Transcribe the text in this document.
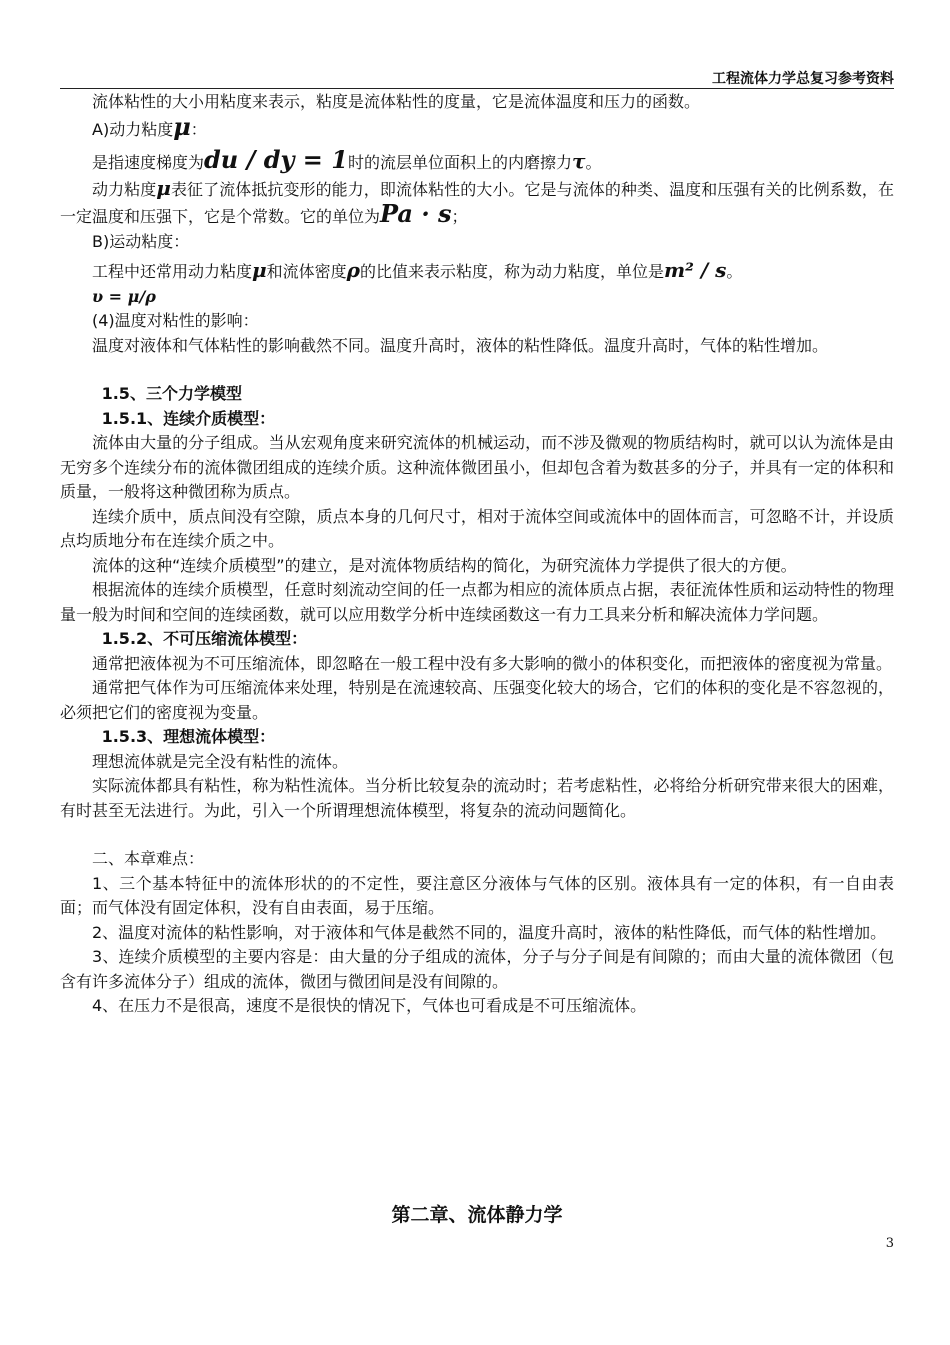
工程流体力学总复习参考资料

流体粘性的大小用粘度来表示，粘度是流体粘性的度量，它是流体温度和压力的函数。

A)动力粘度μ：

是指速度梯度为du / dy = 1时的流层单位面积上的内磨擦力τ。

动力粘度μ表征了流体抵抗变形的能力，即流体粘性的大小。它是与流体的种类、温度和压强有关的比例系数，在一定温度和压强下，它是个常数。它的单位为Pa · s；

B)运动粘度：

工程中还常用动力粘度μ和流体密度ρ的比值来表示粘度，称为动力粘度，单位是m² / s。

υ = μ/ρ

(4)温度对粘性的影响：

温度对液体和气体粘性的影响截然不同。温度升高时，液体的粘性降低。温度升高时，气体的粘性增加。

1.5、三个力学模型

1.5.1、连续介质模型：

流体由大量的分子组成。当从宏观角度来研究流体的机械运动，而不涉及微观的物质结构时，就可以认为流体是由无穷多个连续分布的流体微团组成的连续介质。这种流体微团虽小，但却包含着为数甚多的分子，并具有一定的体积和质量，一般将这种微团称为质点。

连续介质中，质点间没有空隙，质点本身的几何尺寸，相对于流体空间或流体中的固体而言，可忽略不计，并设质点均质地分布在连续介质之中。

流体的这种“连续介质模型”的建立，是对流体物质结构的简化，为研究流体力学提供了很大的方便。

根据流体的连续介质模型，任意时刻流动空间的任一点都为相应的流体质点占据，表征流体性质和运动特性的物理量一般为时间和空间的连续函数，就可以应用数学分析中连续函数这一有力工具来分析和解决流体力学问题。

1.5.2、不可压缩流体模型：

通常把液体视为不可压缩流体，即忽略在一般工程中没有多大影响的微小的体积变化，而把液体的密度视为常量。

通常把气体作为可压缩流体来处理，特别是在流速较高、压强变化较大的场合，它们的体积的变化是不容忽视的，必须把它们的密度视为变量。

1.5.3、理想流体模型：

理想流体就是完全没有粘性的流体。

实际流体都具有粘性，称为粘性流体。当分析比较复杂的流动时；若考虑粘性，必将给分析研究带来很大的困难，有时甚至无法进行。为此，引入一个所谓理想流体模型，将复杂的流动问题简化。

二、本章难点：

1、三个基本特征中的流体形状的的不定性，要注意区分液体与气体的区别。液体具有一定的体积，有一自由表面；而气体没有固定体积，没有自由表面，易于压缩。

2、温度对流体的粘性影响，对于液体和气体是截然不同的，温度升高时，液体的粘性降低，而气体的粘性增加。

3、连续介质模型的主要内容是：由大量的分子组成的流体，分子与分子间是有间隙的；而由大量的流体微团（包含有许多流体分子）组成的流体，微团与微团间是没有间隙的。

4、在压力不是很高，速度不是很快的情况下，气体也可看成是不可压缩流体。

第二章、流体静力学
3
